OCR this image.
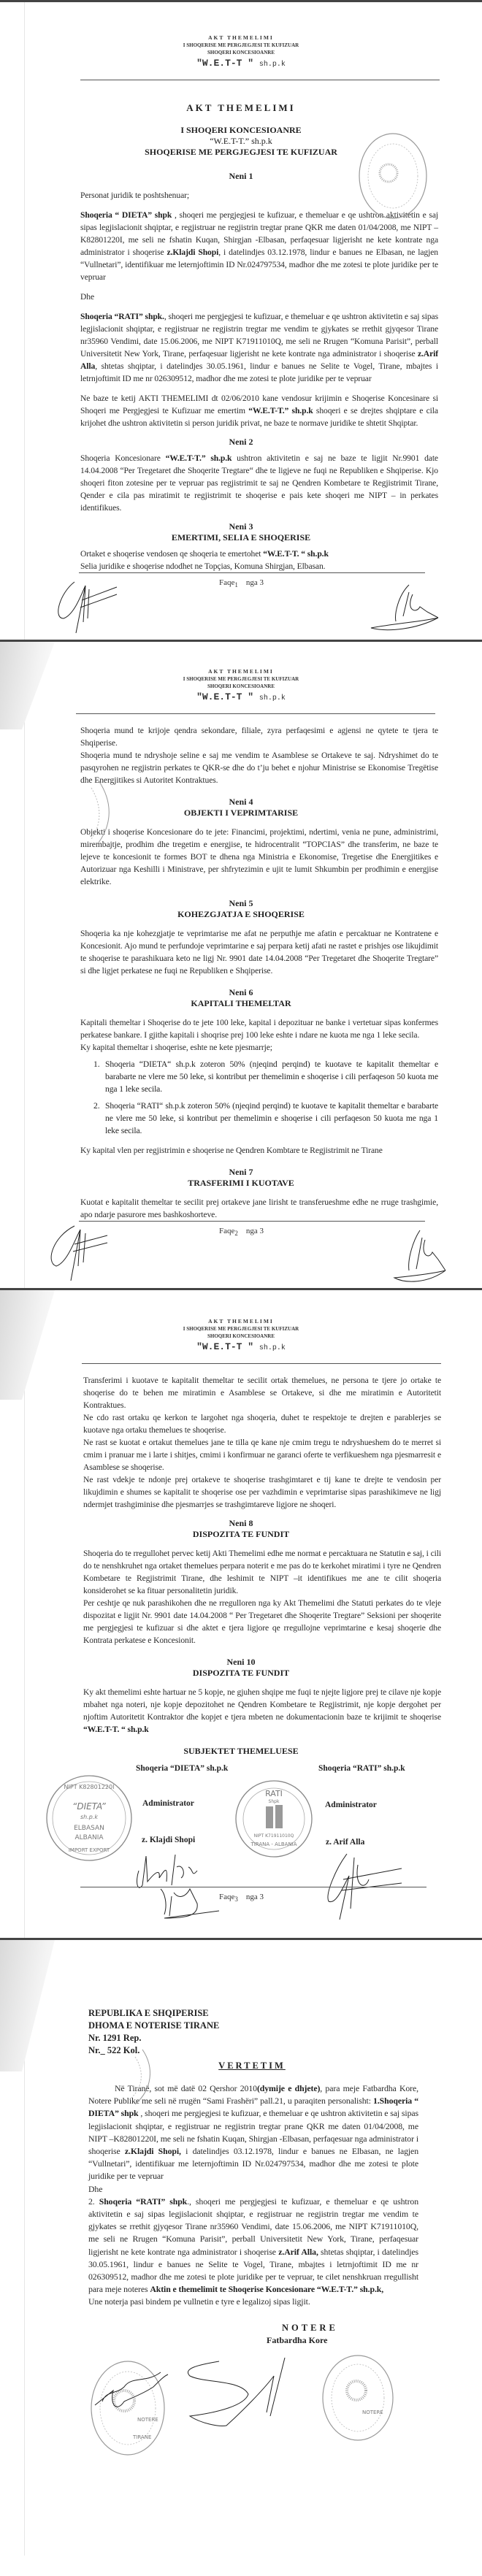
AKT THEMELIMI
I SHOQERISE ME PERGJEGJESI TE KUFIZUAR
SHOQERI KONCESIOANRE
"W.E.T-T " sh.p.k
AKT THEMELIMI
I SHOQERI KONCESIOANRE
“W.E.T-T.” sh.p.k
SHOQERISE ME PERGJEGJESI TE KUFIZUAR
Neni 1
Personat juridik te poshtshenuar;
Shoqeria “ DIETA” shpk , shoqeri me pergjegjesi te kufizuar, e themeluar e qe ushtron aktivitetin e saj sipas legjislacionit shqiptar, e regjistruar ne regjistrin tregtar prane QKR me daten 01/04/2008, me NIPT –K82801220I, me seli ne fshatin Kuqan, Shirgjan -Elbasan, perfaqesuar ligjerisht ne kete kontrate nga administrator i shoqerise z.Klajdi Shopi, i datelindjes 03.12.1978, lindur e banues ne Elbasan, ne lagjen “Vullnetari”, identifikuar me leternjoftimin ID Nr.024797534, madhor dhe me zotesi te plote juridike per te vepruar
Dhe
Shoqeria “RATI” shpk., shoqeri me pergjegjesi te kufizuar, e themeluar e qe ushtron aktivitetin e saj sipas legjislacionit shqiptar, e regjistruar ne regjistrin tregtar me vendim te gjykates se rrethit gjyqesor Tirane nr35960 Vendimi, date 15.06.2006, me NIPT K71911010Q, me seli ne Rrugen “Komuna Parisit”, perball Universitetit New York, Tirane, perfaqesuar ligjerisht ne kete kontrate nga administrator i shoqerise z.Arif Alla, shtetas shqiptar, i datelindjes 30.05.1961, lindur e banues ne Selite te Vogel, Tirane, mbajtes i letrnjoftimit ID me nr 026309512, madhor dhe me zotesi te plote juridike per te vepruar
Ne baze te ketij AKTI THEMELIMI dt 02/06/2010 kane vendosur krijimin e Shoqerise Koncesinare si Shoqeri me Pergjegjesi te Kufizuar me emertim “W.E.T-T.” sh.p.k shoqeri e se drejtes shqiptare e cila krijohet dhe ushtron aktivitetin si person juridik privat, ne baze te normave juridike te shtetit Shqiptar.
Neni 2
Shoqeria Koncesionare “W.E.T-T.” sh.p.k ushtron aktivitetin e saj ne baze te ligjit Nr.9901 date 14.04.2008 “Per Tregetaret dhe Shoqerite Tregtare“ dhe te ligjeve ne fuqi ne Republiken e Shqiperise. Kjo shoqeri fiton zotesine per te vepruar pas regjistrimit te saj ne Qendren Kombetare te Regjistrimit Tirane, Qender e cila pas miratimit te regjistrimit te shoqerise e pais kete shoqeri me NIPT – in perkates identifikues.
Neni 3
EMERTIMI, SELIA E SHOQERISE
Ortaket e shoqerise vendosen qe shoqeria te emertohet “W.E.T-T. “ sh.p.k
Selia juridike e shoqerise ndodhet ne Topçias, Komuna Shirgjan, Elbasan.
Faqe$_1$ nga 3
AKT THEMELIMI
I SHOQERISE ME PERGJEGJESI TE KUFIZUAR
SHOQERI KONCESIOANRE
"W.E.T-T " sh.p.k
Shoqeria mund te krijoje qendra sekondare, filiale, zyra perfaqesimi e agjensi ne qytete te tjera te Shqiperise.
Shoqeria mund te ndryshoje seline e saj me vendim te Asamblese se Ortakeve te saj. Ndryshimet do te pasqyrohen ne regjistrin perkates te QKR-se dhe do t’ju behet e njohur Ministrise se Ekonomise Tregëtise dhe Energjitikes si Autoritet Kontraktues.
Neni 4
OBJEKTI I VEPRIMTARISE
Objekti i shoqerise Koncesionare do te jete: Financimi, projektimi, ndertimi, venia ne pune, administrimi, mirembajtje, prodhim dhe tregetim e energjise, te hidrocentralit “TOPCIAS” dhe transferim, ne baze te lejeve te koncesionit te formes BOT te dhena nga Ministria e Ekonomise, Tregetise dhe Energjitikes e Autorizuar nga Keshilli i Ministrave, per shfrytezimin e ujit te lumit Shkumbin per prodhimin e energjise elektrike.
Neni 5
KOHEZGJATJA E SHOQERISE
Shoqeria ka nje kohezgjatje te veprimtarise me afat ne perputhje me afatin e percaktuar ne Kontratene e Koncesionit. Ajo mund te perfundoje veprimtarine e saj perpara ketij afati ne rastet e prishjes ose likujdimit te shoqerise te parashikuara keto ne ligj Nr. 9901 date 14.04.2008 “Per Tregetaret dhe Shoqerite Tregtare” si dhe ligjet perkatese ne fuqi ne Republiken e Shqiperise.
Neni 6
KAPITALI THEMELTAR
Kapitali themeltar i Shoqerise do te jete 100 leke, kapital i depozituar ne banke i vertetuar sipas konfermes perkatese bankare. I gjithe kapitali i shoqrise prej 100 leke eshte i ndare ne kuota me nga 1 leke secila.
Ky kapital themeltar i shoqerise, eshte ne kete pjesmarrje;
1. Shoqeria “DIETA“ sh.p.k zoteron 50% (njeqind perqind) te kuotave te kapitalit themeltar e barabarte ne vlere me 50 leke, si kontribut per themelimin e shoqerise i cili perfaqeson 50 kuota me nga 1 leke secila.
2. Shoqeria “RATI“ sh.p.k zoteron 50% (njeqind perqind) te kuotave te kapitalit themeltar e barabarte ne vlere me 50 leke, si kontribut per themelimin e shoqerise i cili perfaqeson 50 kuota me nga 1 leke secila.
Ky kapital vlen per regjistrimin e shoqerise ne Qendren Kombtare te Regjistrimit ne Tirane
Neni 7
TRASFERIMI I KUOTAVE
Kuotat e kapitalit themeltar te secilit prej ortakeve jane lirisht te transferueshme edhe ne rruge trashgimie, apo ndarje pasurore mes bashkoshorteve.
Faqe$_2$ nga 3
AKT THEMELIMI
I SHOQERISE ME PERGJEGJESI TE KUFIZUAR
SHOQERI KONCESIOANRE
"W.E.T-T " sh.p.k
Transferimi i kuotave te kapitalit themeltar te secilit ortak themelues, ne persona te tjere jo ortake te shoqerise do te behen me miratimin e Asamblese se Ortakeve, si dhe me miratimin e Autoritetit Kontraktues.
Ne cdo rast ortaku qe kerkon te largohet nga shoqeria, duhet te respektoje te drejten e parablerjes se kuotave nga ortaku themelues te shoqerise.
Ne rast se kuotat e ortakut themelues jane te tilla qe kane nje cmim tregu te ndryshueshem do te merret si cmim i pranuar me i larte i shitjes, cmimi i konfirmuar ne garanci oferte te verfikueshem nga pjesmarresit e Asamblese se shoqerise.
Ne rast vdekje te ndonje prej ortakeve te shoqerise trashgimtaret e tij kane te drejte te vendosin per likujdimin e shumes se kapitalit te shoqerise ose per vazhdimin e veprimtarise sipas parashikimeve ne ligj ndermjet trashgiminise dhe pjesmarrjes se trashgimtareve ligjore ne shoqeri.
Neni 8
DISPOZITA TE FUNDIT
Shoqeria do te rregullohet pervec ketij Akti Themelimi edhe me normat e percaktuara ne Statutin e saj, i cili do te nenshkruhet nga ortaket themelues perpara noterit e me pas do te kerkohet miratimi i tyre ne Qendren Kombetare te Regjistrimit Tirane, dhe leshimit te NIPT –it identifikues me ane te cilit shoqeria konsiderohet se ka fituar personalitetin juridik.
Per ceshtje qe nuk parashikohen dhe ne rregulloren nga ky Akt Themelimi dhe Statuti perkates do te vleje dispozitat e ligjit Nr. 9901 date 14.04.2008 “ Per Tregetaret dhe Shoqerite Tregtare” Seksioni per shoqerite me pergjegjesi te kufizuar si dhe aktet e tjera ligjore qe rregullojne veprimtarine e kesaj shoqerie dhe Kontrata perkatese e Koncesionit.
Neni 10
DISPOZITA TE FUNDIT
Ky akt themelimi eshte hartuar ne 5 kopje, ne gjuhen shqipe me fuqi te njejte ligjore prej te cilave nje kopje mbahet nga noteri, nje kopje depozitohet ne Qendren Kombetare te Regjistrimit, nje kopje dergohet per njoftim Autoritetit Kontraktor dhe kopjet e tjera mbeten ne dokumentacionin baze te krijimit te shoqerise “W.E.T-T. “ sh.p.k
SUBJEKTET THEMELUESE
NIPT K82801220I
“DIETA”
sh.p.k
ELBASAN
ALBANIA
IMPORT EXPORT
RATI
Shpk
NIPT K71911010Q
TIRANA - ALBANIA
Shoqeria “DIETA” sh.p.k	Shoqeria “RATI” sh.p.k
Administrator	Administrator
z. Klajdi Shopi	z. Arif Alla
Faqe$_3$ nga 3
REPUBLIKA E SHQIPERISE
DHOMA E NOTERISE TIRANE
Nr. 1291 Rep.
Nr._ 522 Kol.
VERTETIM
Në Tiranë, sot më datë 02 Qershor 2010(dymije e dhjete), para meje Fatbardha Kore, Notere Publike me seli në rrugën “Sami Frashëri” pall.21, u paraqiten personalisht: 1.Shoqeria “ DIETA” shpk , shoqeri me pergjegjesi te kufizuar, e themeluar e qe ushtron aktivitetin e saj sipas legjislacionit shqiptar, e regjistruar ne regjistrin tregtar prane QKR me daten 01/04/2008, me NIPT –K82801220I, me seli ne fshatin Kuqan, Shirgjan -Elbasan, perfaqesuar nga administrator i shoqerise z.Klajdi Shopi, i datelindjes 03.12.1978, lindur e banues ne Elbasan, ne lagjen “Vullnetari”, identifikuar me leternjoftimin ID Nr.024797534, madhor dhe me zotesi te plote juridike per te vepruar
Dhe
2. Shoqeria “RATI” shpk., shoqeri me pergjegjesi te kufizuar, e themeluar e qe ushtron aktivitetin e saj sipas legjislacionit shqiptar, e regjistruar ne regjistrin tregtar me vendim te gjykates se rrethit gjyqesor Tirane nr35960 Vendimi, date 15.06.2006, me NIPT K71911010Q, me seli ne Rrugen “Komuna Parisit”, perball Universitetit New York, Tirane, perfaqesuar ligjerisht ne kete kontrate nga administrator i shoqerise z.Arif Alla, shtetas shqiptar, i datelindjes 30.05.1961, lindur e banues ne Selite te Vogel, Tirane, mbajtes i letrnjoftimit ID me nr 026309512, madhor dhe me zotesi te plote juridike per te vepruar, te cilet nenshkruan rregullisht para meje noteres Aktin e themelimit te Shoqerise Koncesionare “W.E.T-T.” sh.p.k,
Une noterja pasi bindem pe vullnetin e tyre e legalizoj sipas ligjit.
NOTERE
Fatbardha Kore
NOTERE
TIRANE
NOTERE
